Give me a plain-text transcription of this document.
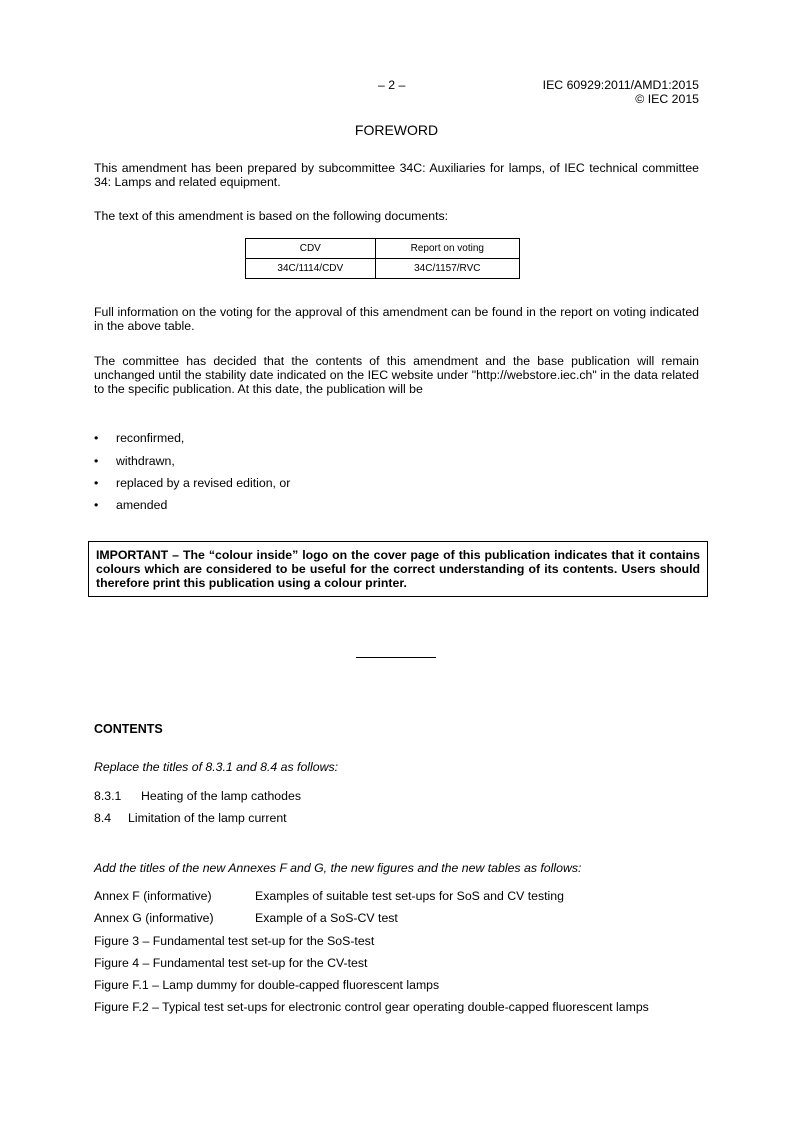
– 2 –	IEC 60929:2011/AMD1:2015
© IEC 2015
FOREWORD
This amendment has been prepared by subcommittee 34C: Auxiliaries for lamps, of IEC technical committee 34: Lamps and related equipment.
The text of this amendment is based on the following documents:
CDV	Report on voting
34C/1114/CDV	34C/1157/RVC
Full information on the voting for the approval of this amendment can be found in the report on voting indicated in the above table.
The committee has decided that the contents of this amendment and the base publication will remain unchanged until the stability date indicated on the IEC website under "http://webstore.iec.ch" in the data related to the specific publication. At this date, the publication will be
• reconfirmed,
• withdrawn,
• replaced by a revised edition, or
• amended
IMPORTANT – The “colour inside” logo on the cover page of this publication indicates that it contains colours which are considered to be useful for the correct understanding of its contents. Users should therefore print this publication using a colour printer.
CONTENTS
Replace the titles of 8.3.1 and 8.4 as follows:
8.3.1 Heating of the lamp cathodes
8.4 Limitation of the lamp current
Add the titles of the new Annexes F and G, the new figures and the new tables as follows:
Annex F (informative)	Examples of suitable test set-ups for SoS and CV testing
Annex G (informative)	Example of a SoS-CV test
Figure 3 – Fundamental test set-up for the SoS-test
Figure 4 – Fundamental test set-up for the CV-test
Figure F.1 – Lamp dummy for double-capped fluorescent lamps
Figure F.2 – Typical test set-ups for electronic control gear operating double-capped fluorescent lamps
